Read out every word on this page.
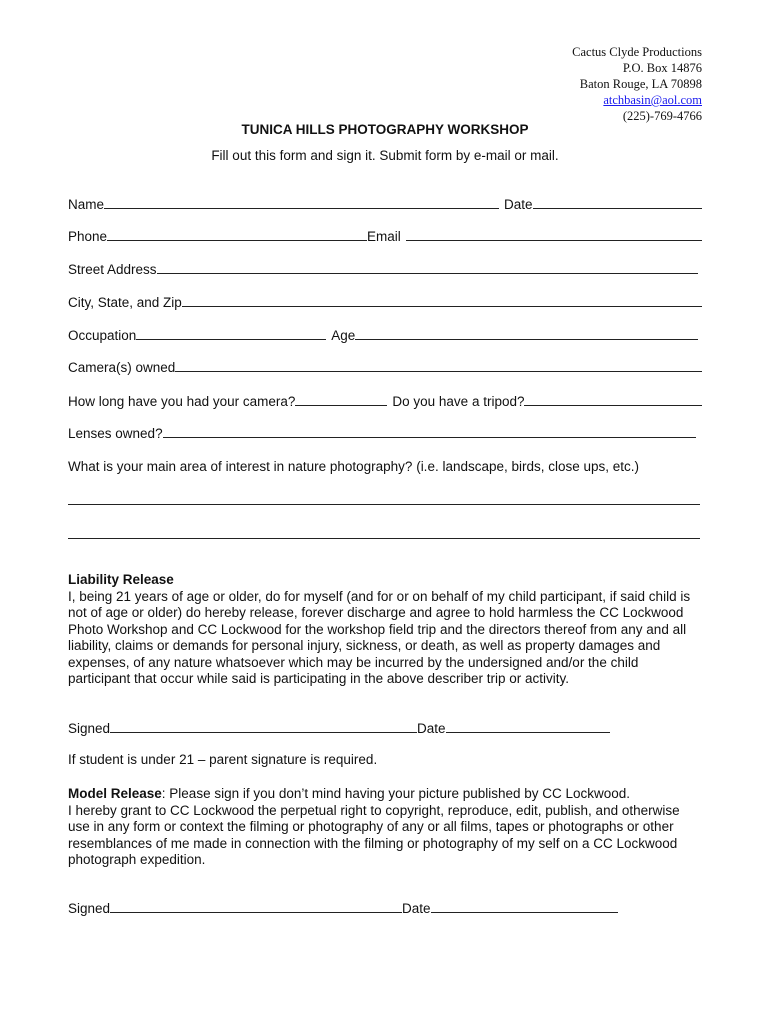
Cactus Clyde Productions
P.O. Box 14876
Baton Rouge, LA 70898
atchbasin@aol.com
(225)-769-4766
TUNICA HILLS PHOTOGRAPHY WORKSHOP
Fill out this form and sign it. Submit form by e-mail or mail.
Name	Date
Phone	Email
Street Address
City, State, and Zip
Occupation	Age
Camera(s) owned
How long have you had your camera?	Do you have a tripod?
Lenses owned?
What is your main area of interest in nature photography? (i.e. landscape, birds, close ups, etc.)
Liability Release
I, being 21 years of age or older, do for myself (and for or on behalf of my child participant, if said child is not of age or older) do hereby release, forever discharge and agree to hold harmless the CC Lockwood Photo Workshop and CC Lockwood for the workshop field trip and the directors thereof from any and all liability, claims or demands for personal injury, sickness, or death, as well as property damages and expenses, of any nature whatsoever which may be incurred by the undersigned and/or the child participant that occur while said is participating in the above describer trip or activity.
Signed	Date
If student is under 21 – parent signature is required.
Model Release: Please sign if you don’t mind having your picture published by CC Lockwood.
I hereby grant to CC Lockwood the perpetual right to copyright, reproduce, edit, publish, and otherwise use in any form or context the filming or photography of any or all films, tapes or photographs or other resemblances of me made in connection with the filming or photography of my self on a CC Lockwood photograph expedition.
Signed	Date
